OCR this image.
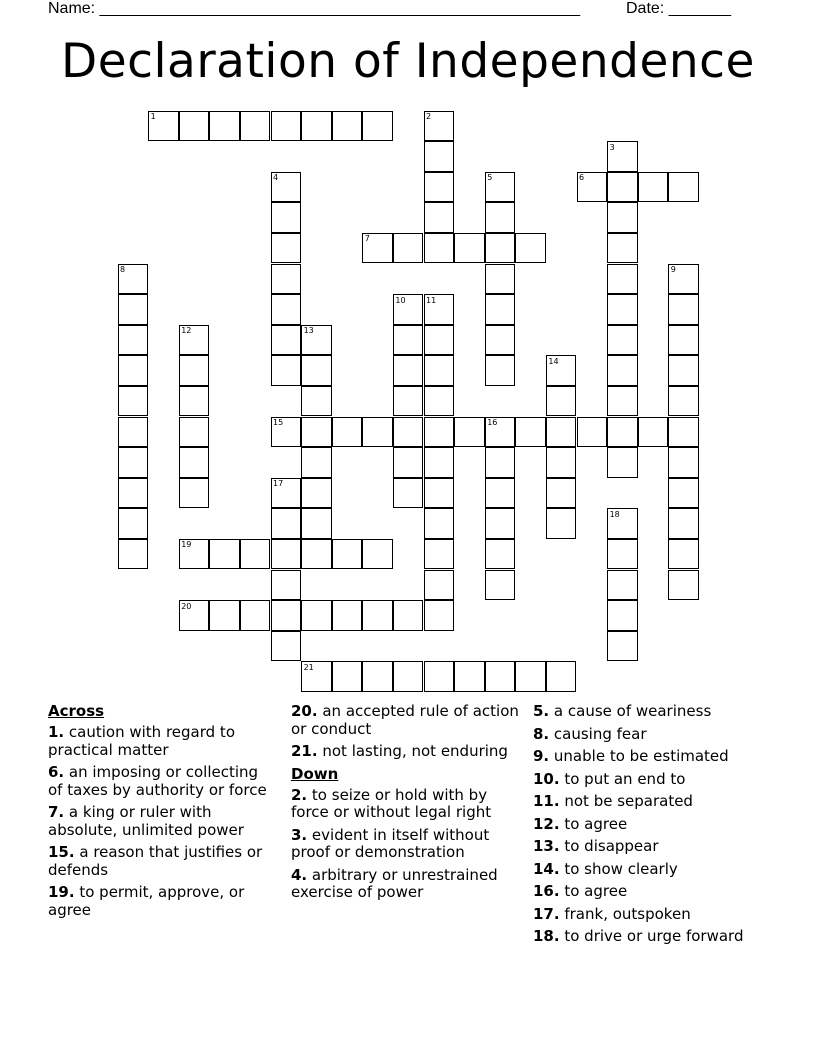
Name: ______________________________________________________	Date: _______
Declaration of Independence
1	2
3
4	5	6
7
8	9
10	11
12	13
14
15	16
17
18
19
20
21
Across
1. caution with regard to practical matter
6. an imposing or collecting of taxes by authority or force
7. a king or ruler with absolute, unlimited power
15. a reason that justifies or defends
19. to permit, approve, or agree
20. an accepted rule of action or conduct
21. not lasting, not enduring
Down
2. to seize or hold with by force or without legal right
3. evident in itself without proof or demonstration
4. arbitrary or unrestrained exercise of power
5. a cause of weariness
8. causing fear
9. unable to be estimated
10. to put an end to
11. not be separated
12. to agree
13. to disappear
14. to show clearly
16. to agree
17. frank, outspoken
18. to drive or urge forward
